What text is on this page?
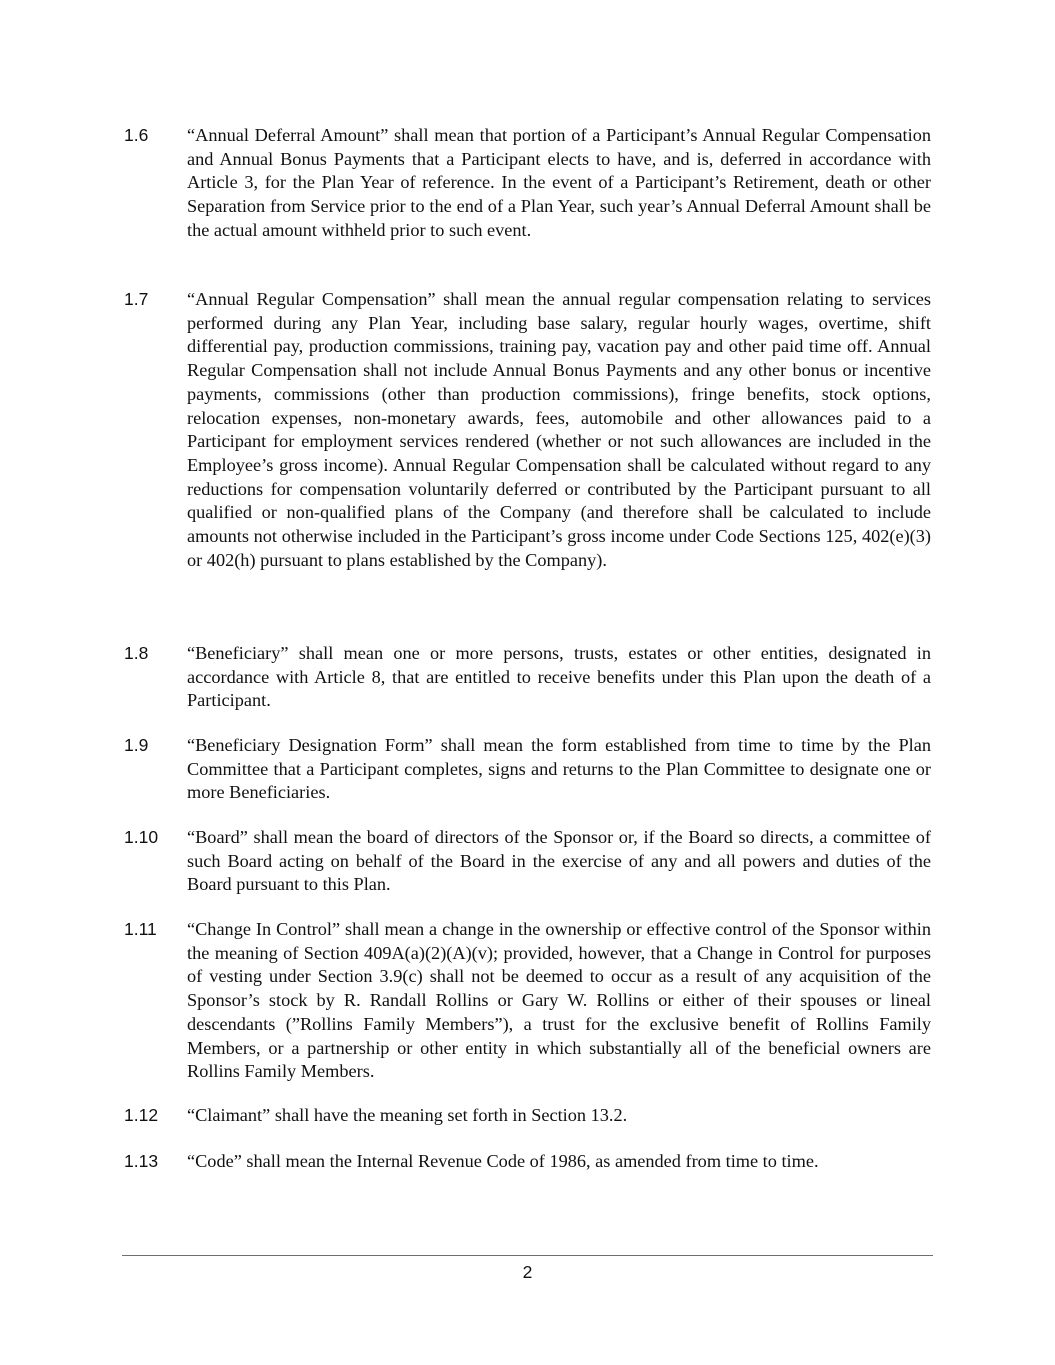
1.6	“Annual Deferral Amount” shall mean that portion of a Participant’s Annual Regular Compensation and Annual Bonus Payments that a Participant elects to have, and is, deferred in accordance with Article 3, for the Plan Year of reference. In the event of a Participant’s Retirement, death or other Separation from Service prior to the end of a Plan Year, such year’s Annual Deferral Amount shall be the actual amount withheld prior to such event.
1.7	“Annual Regular Compensation” shall mean the annual regular compensation relating to services performed during any Plan Year, including base salary, regular hourly wages, overtime, shift differential pay, production commissions, training pay, vacation pay and other paid time off. Annual Regular Compensation shall not include Annual Bonus Payments and any other bonus or incentive payments, commissions (other than production commissions), fringe benefits, stock options, relocation expenses, non-monetary awards, fees, automobile and other allowances paid to a Participant for employment services rendered (whether or not such allowances are included in the Employee’s gross income). Annual Regular Compensation shall be calculated without regard to any reductions for compensation voluntarily deferred or contributed by the Participant pursuant to all qualified or non-qualified plans of the Company (and therefore shall be calculated to include amounts not otherwise included in the Participant’s gross income under Code Sections 125, 402(e)(3) or 402(h) pursuant to plans established by the Company).
1.8	“Beneficiary” shall mean one or more persons, trusts, estates or other entities, designated in accordance with Article 8, that are entitled to receive benefits under this Plan upon the death of a Participant.
1.9	“Beneficiary Designation Form” shall mean the form established from time to time by the Plan Committee that a Participant completes, signs and returns to the Plan Committee to designate one or more Beneficiaries.
1.10	“Board” shall mean the board of directors of the Sponsor or, if the Board so directs, a committee of such Board acting on behalf of the Board in the exercise of any and all powers and duties of the Board pursuant to this Plan.
1.11	“Change In Control” shall mean a change in the ownership or effective control of the Sponsor within the meaning of Section 409A(a)(2)(A)(v); provided, however, that a Change in Control for purposes of vesting under Section 3.9(c) shall not be deemed to occur as a result of any acquisition of the Sponsor’s stock by R. Randall Rollins or Gary W. Rollins or either of their spouses or lineal descendants (”Rollins Family Members”), a trust for the exclusive benefit of Rollins Family Members, or a partnership or other entity in which substantially all of the beneficial owners are Rollins Family Members.
1.12	“Claimant” shall have the meaning set forth in Section 13.2.
1.13	“Code” shall mean the Internal Revenue Code of 1986, as amended from time to time.
2
